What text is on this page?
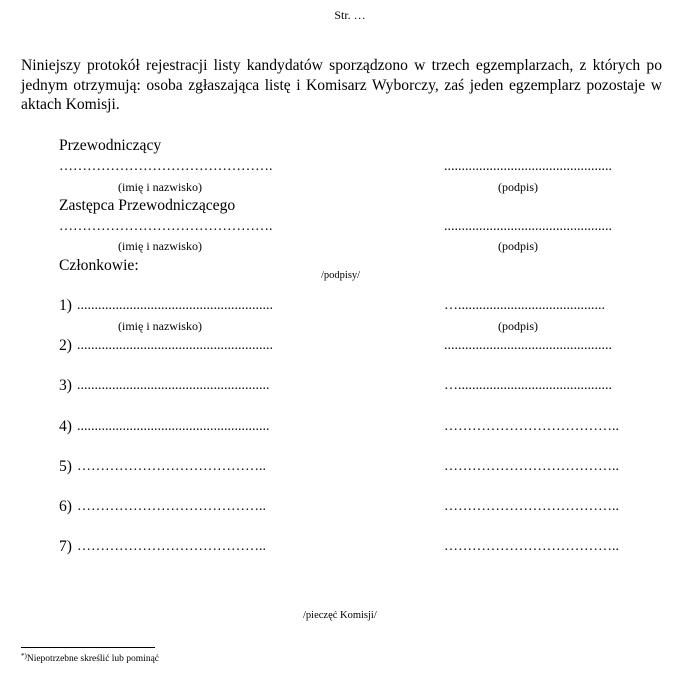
Str. …
Niniejszy protokół rejestracji listy kandydatów sporządzono w trzech egzemplarzach, z których po jednym otrzymują: osoba zgłaszająca listę i Komisarz Wyborczy, zaś jeden egzemplarz pozostaje w aktach Komisji.
Przewodniczący
……………………………………….	................................................
(imię i nazwisko)	(podpis)
Zastępca Przewodniczącego
……………………………………….	................................................
(imię i nazwisko)	(podpis)
Członkowie:
/podpisy/
1) ........................................................	…..........................................
(imię i nazwisko)	(podpis)
2) ........................................................	................................................
3) .......................................................	…............................................
4) .......................................................	………………………………..
5) …………………………………..	………………………………..
6) …………………………………..	………………………………..
7) …………………………………..	………………………………..
/pieczęć Komisji/
*)Niepotrzebne skreślić lub pominąć
